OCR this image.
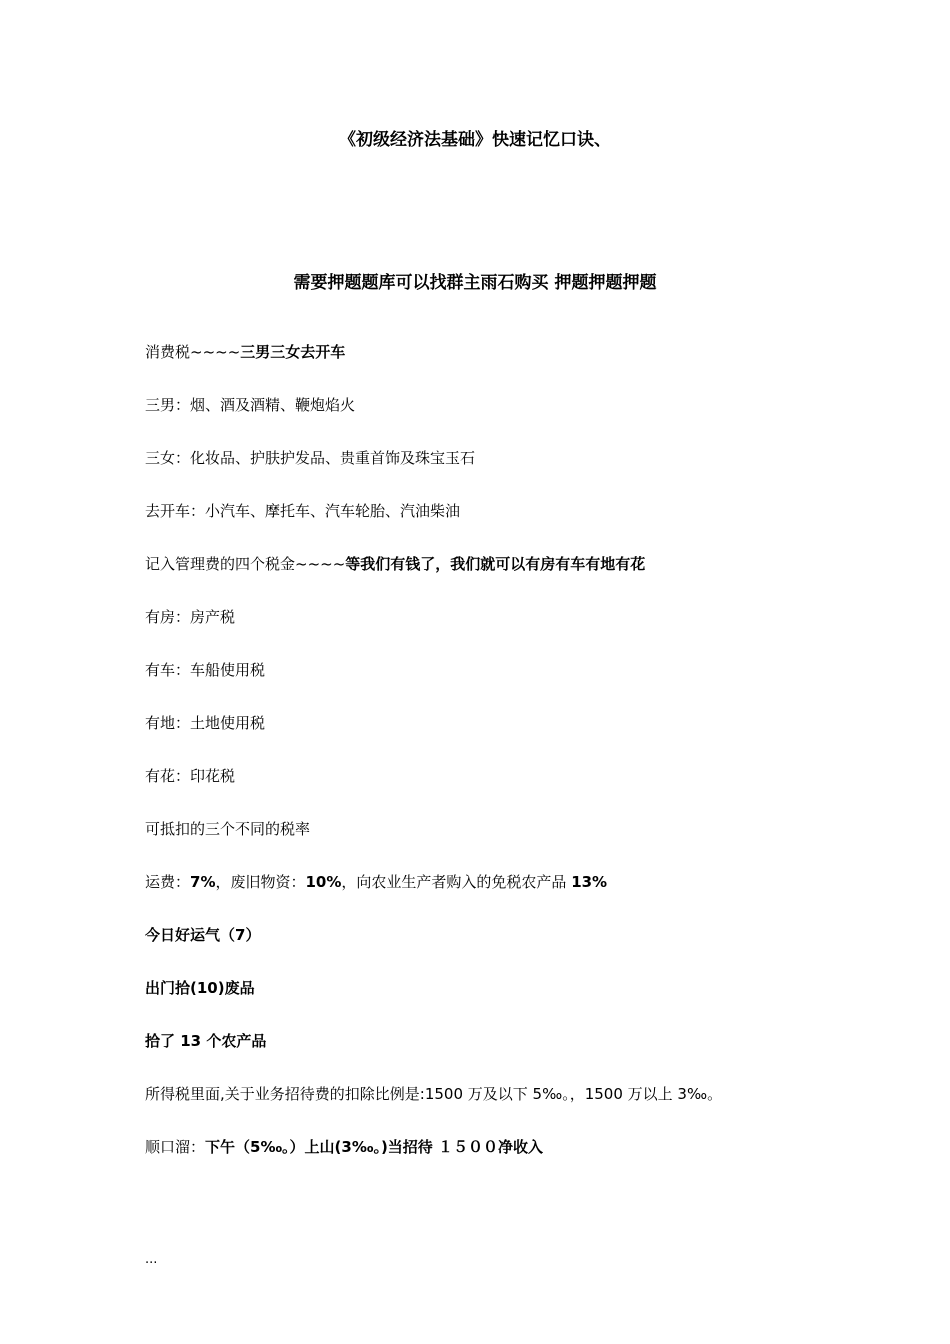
《初级经济法基础》快速记忆口诀、
需要押题题库可以找群主雨石购买 押题押题押题
消费税~~~~三男三女去开车
三男：烟、酒及酒精、鞭炮焰火
三女：化妆品、护肤护发品、贵重首饰及珠宝玉石
去开车：小汽车、摩托车、汽车轮胎、汽油柴油
记入管理费的四个税金~~~~等我们有钱了，我们就可以有房有车有地有花
有房：房产税
有车：车船使用税
有地：土地使用税
有花：印花税
可抵扣的三个不同的税率
运费：7%，废旧物资：10%，向农业生产者购入的免税农产品 13%
今日好运气（7）
出门拾(10)废品
拾了 13 个农产品
所得税里面,关于业务招待费的扣除比例是:1500 万及以下 5‰。，1500 万以上 3‰。
顺口溜：下午（5‰。）上山(3‰。)当招待 １５００净收入
...
